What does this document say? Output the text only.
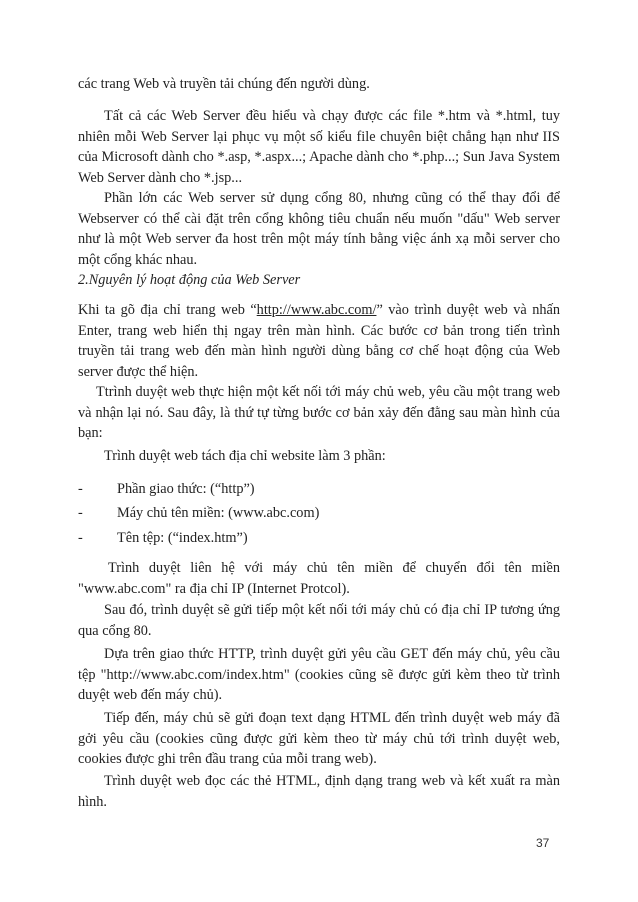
các trang Web và truyền tải chúng đến người dùng.

Tất cả các Web Server đều hiểu và chạy được các file *.htm và *.html, tuy nhiên mỗi Web Server lại phục vụ một số kiểu file chuyên biệt chẳng hạn như IIS của Microsoft dành cho *.asp, *.aspx...; Apache dành cho *.php...; Sun Java System Web Server dành cho *.jsp...

Phần lớn các Web server sử dụng cổng 80, nhưng cũng có thể thay đổi để Webserver có thể cài đặt trên cổng không tiêu chuẩn nếu muốn "dấu" Web server như là một Web server đa host trên một máy tính bằng việc ánh xạ mỗi server cho một cổng khác nhau.

2.Nguyên lý hoạt động của Web Server

Khi ta gõ địa chỉ trang web “http://www.abc.com/” vào trình duyệt web và nhấn Enter, trang web hiển thị ngay trên màn hình. Các bước cơ bản trong tiến trình truyền tải trang web đến màn hình người dùng bằng cơ chế hoạt động của Web server được thể hiện.

Ttrình duyệt web thực hiện một kết nối tới máy chủ web, yêu cầu một trang web và nhận lại nó. Sau đây, là thứ tự từng bước cơ bản xảy đến đằng sau màn hình của bạn:

Trình duyệt web tách địa chỉ website làm 3 phần:

- Phần giao thức: (“http”)
- Máy chủ tên miền: (www.abc.com)
- Tên tệp: (“index.htm”)

Trình duyệt liên hệ với máy chủ tên miền để chuyển đổi tên miền "www.abc.com" ra địa chỉ IP (Internet Protcol).

Sau đó, trình duyệt sẽ gửi tiếp một kết nối tới máy chủ có địa chỉ IP tương ứng qua cổng 80.

Dựa trên giao thức HTTP, trình duyệt gửi yêu cầu GET đến máy chủ, yêu cầu tệp "http://www.abc.com/index.htm" (cookies cũng sẽ được gửi kèm theo từ trình duyệt web đến máy chủ).

Tiếp đến, máy chủ sẽ gửi đoạn text dạng HTML đến trình duyệt web máy đã gởi yêu cầu (cookies cũng được gửi kèm theo từ máy chủ tới trình duyệt web, cookies được ghi trên đầu trang của mỗi trang web).

Trình duyệt web đọc các thẻ HTML, định dạng trang web và kết xuất ra màn hình.

37
